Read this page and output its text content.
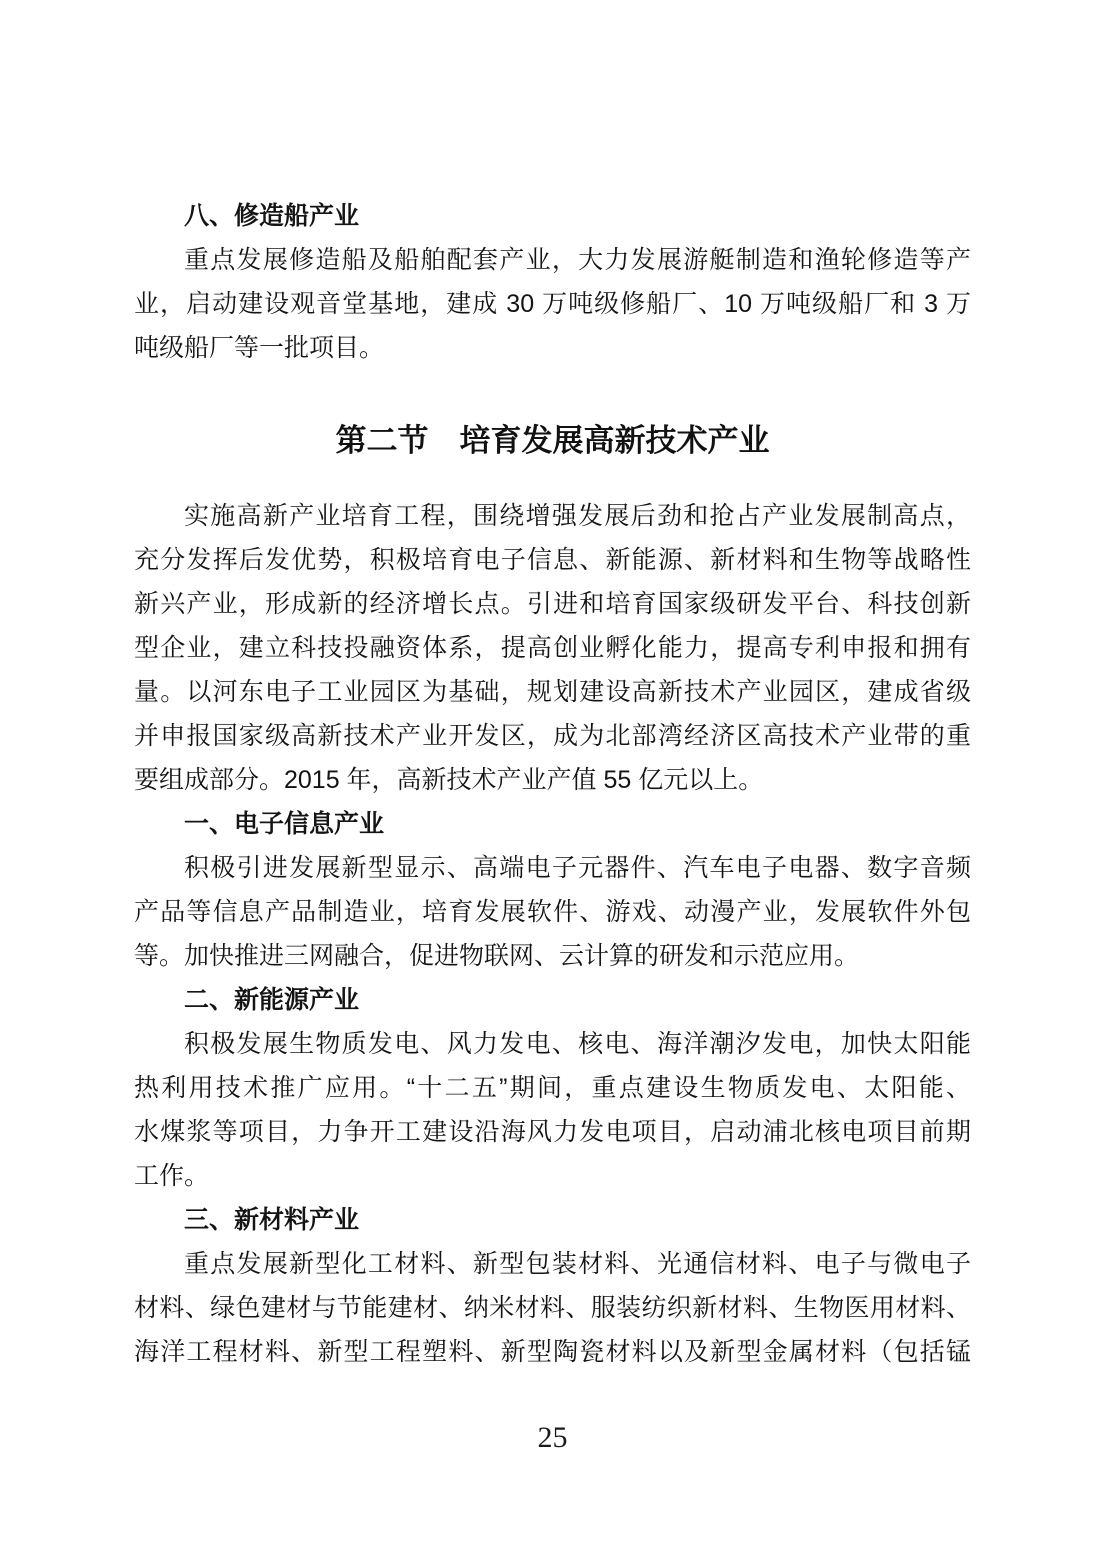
八、修造船产业
重点发展修造船及船舶配套产业，大力发展游艇制造和渔轮修造等产
业，启动建设观音堂基地，建成 30 万吨级修船厂、10 万吨级船厂和 3 万
吨级船厂等一批项目。
第二节　培育发展高新技术产业
实施高新产业培育工程，围绕增强发展后劲和抢占产业发展制高点，
充分发挥后发优势，积极培育电子信息、新能源、新材料和生物等战略性
新兴产业，形成新的经济增长点。引进和培育国家级研发平台、科技创新
型企业，建立科技投融资体系，提高创业孵化能力，提高专利申报和拥有
量。以河东电子工业园区为基础，规划建设高新技术产业园区，建成省级
并申报国家级高新技术产业开发区，成为北部湾经济区高技术产业带的重
要组成部分。2015 年，高新技术产业产值 55 亿元以上。
一、电子信息产业
积极引进发展新型显示、高端电子元器件、汽车电子电器、数字音频
产品等信息产品制造业，培育发展软件、游戏、动漫产业，发展软件外包
等。加快推进三网融合，促进物联网、云计算的研发和示范应用。
二、新能源产业
积极发展生物质发电、风力发电、核电、海洋潮汐发电，加快太阳能
热利用技术推广应用。“十二五”期间，重点建设生物质发电、太阳能、
水煤浆等项目，力争开工建设沿海风力发电项目，启动浦北核电项目前期
工作。
三、新材料产业
重点发展新型化工材料、新型包装材料、光通信材料、电子与微电子
材料、绿色建材与节能建材、纳米材料、服装纺织新材料、生物医用材料、
海洋工程材料、新型工程塑料、新型陶瓷材料以及新型金属材料（包括锰
25
